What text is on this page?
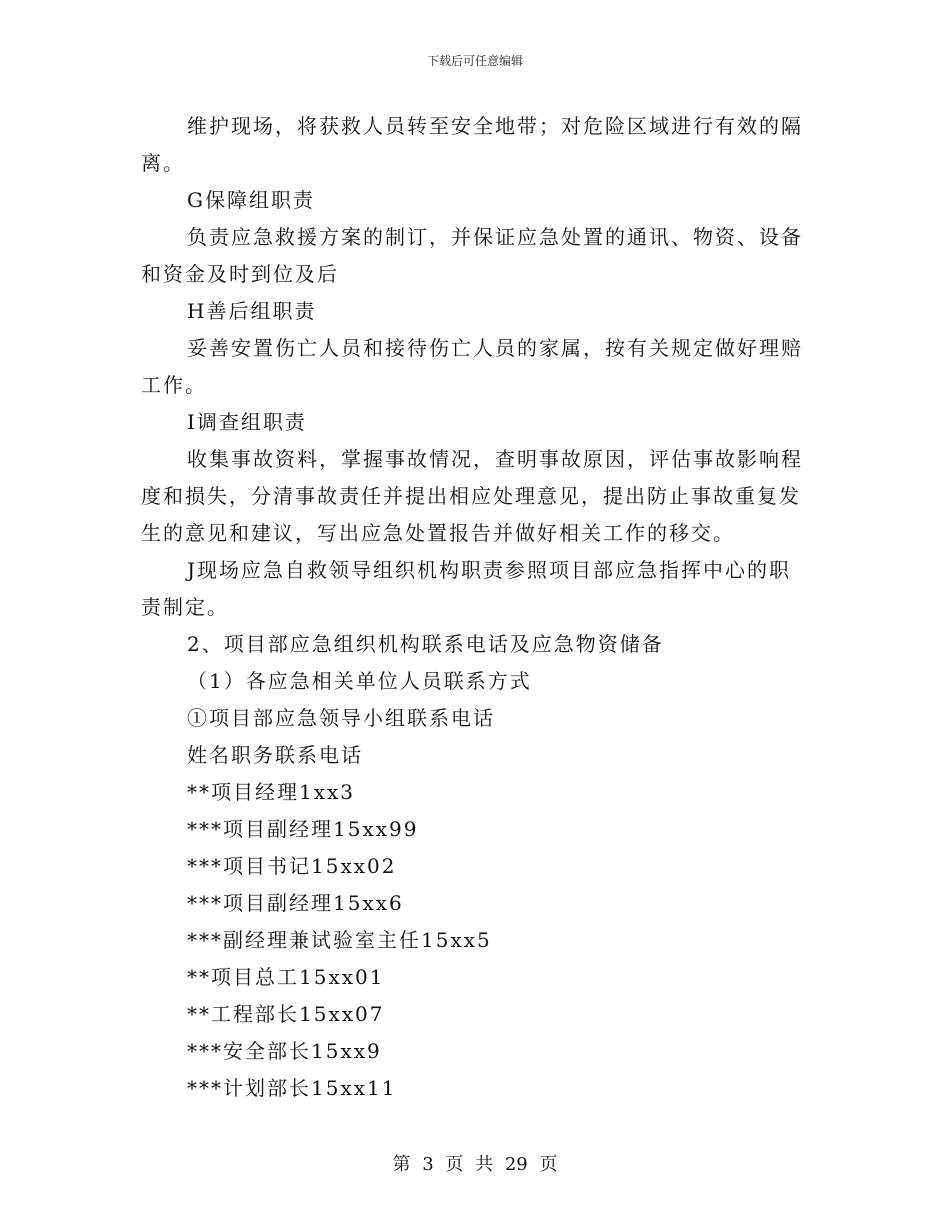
下载后可任意编辑

维护现场，将获救人员转至安全地带；对危险区域进行有效的隔离。

G保障组职责

负责应急救援方案的制订，并保证应急处置的通讯、物资、设备和资金及时到位及后

H善后组职责

妥善安置伤亡人员和接待伤亡人员的家属，按有关规定做好理赔工作。

I调查组职责

收集事故资料，掌握事故情况，查明事故原因，评估事故影响程度和损失，分清事故责任并提出相应处理意见，提出防止事故重复发生的意见和建议，写出应急处置报告并做好相关工作的移交。

J现场应急自救领导组织机构职责参照项目部应急指挥中心的职责制定。

2、项目部应急组织机构联系电话及应急物资储备

（1）各应急相关单位人员联系方式

①项目部应急领导小组联系电话

姓名职务联系电话

**项目经理1xx3

***项目副经理15xx99

***项目书记15xx02

***项目副经理15xx6

***副经理兼试验室主任15xx5

**项目总工15xx01

**工程部长15xx07

***安全部长15xx9

***计划部长15xx11

第 3 页 共 29 页
